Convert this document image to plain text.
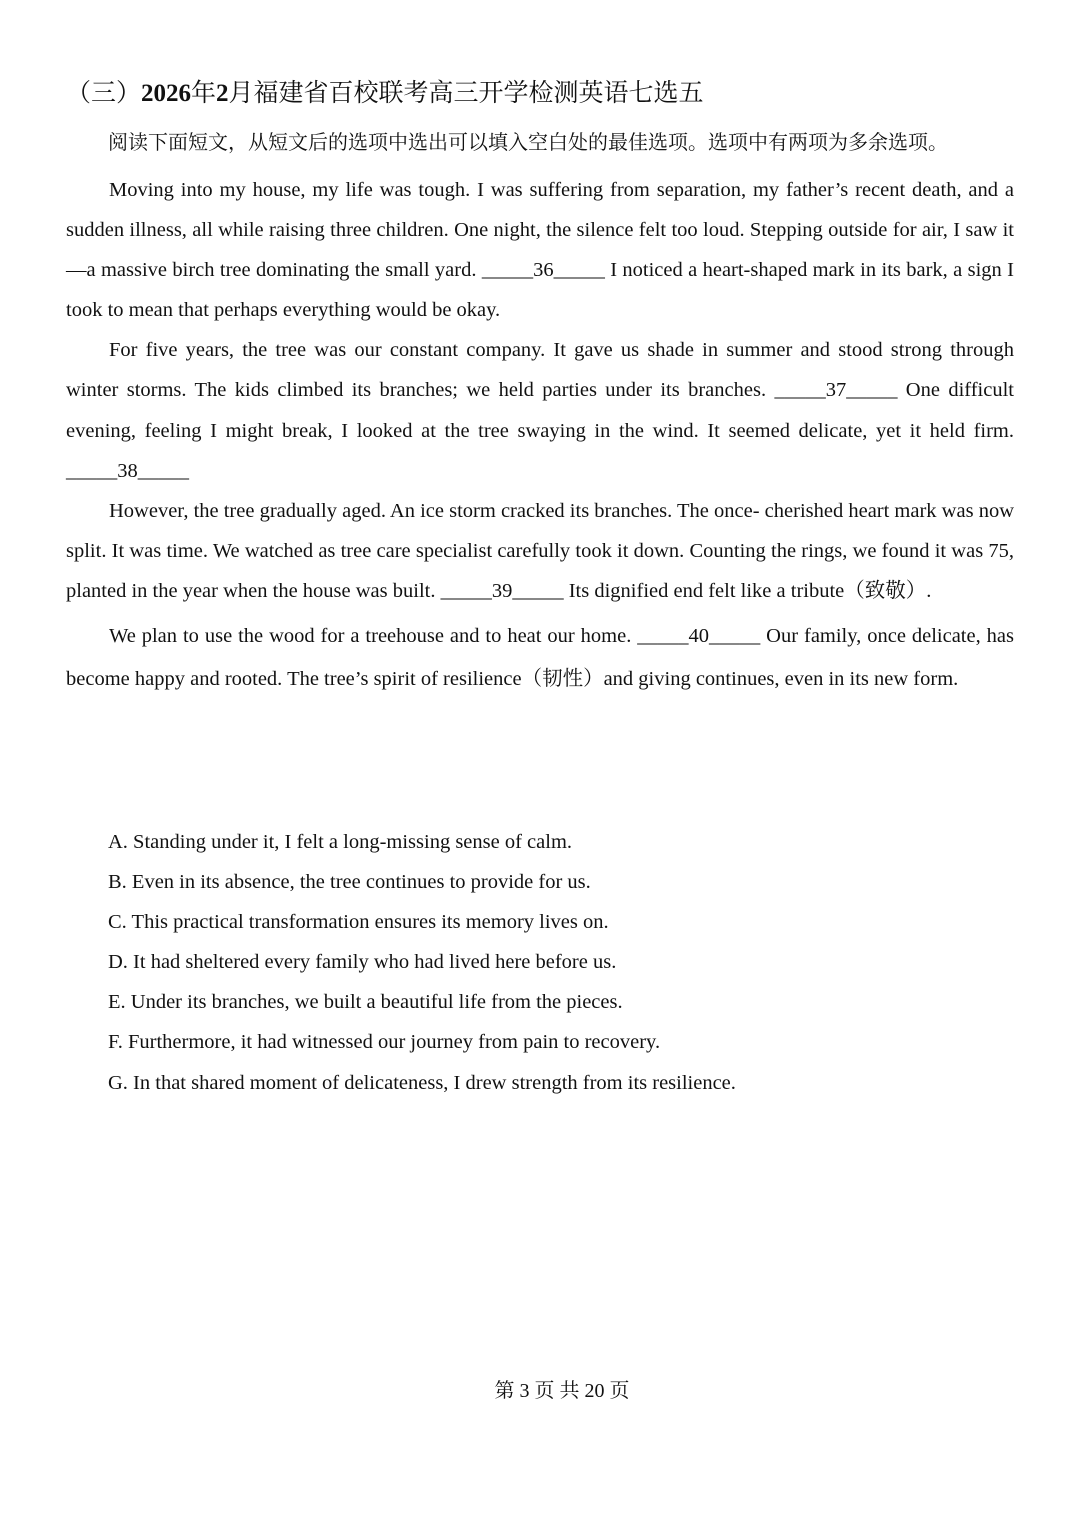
（三）2026年2月福建省百校联考高三开学检测英语七选五
阅读下面短文，从短文后的选项中选出可以填入空白处的最佳选项。选项中有两项为多余选项。

Moving into my house, my life was tough. I was suffering from separation, my father’s recent death, and a sudden illness, all while raising three children. One night, the silence felt too loud. Stepping outside for air, I saw it—a massive birch tree dominating the small yard. _____36_____ I noticed a heart-shaped mark in its bark, a sign I took to mean that perhaps everything would be okay.

For five years, the tree was our constant company. It gave us shade in summer and stood strong through winter storms. The kids climbed its branches; we held parties under its branches. _____37_____ One difficult evening, feeling I might break, I looked at the tree swaying in the wind. It seemed delicate, yet it held firm. _____38_____

However, the tree gradually aged. An ice storm cracked its branches. The once- cherished heart mark was now split. It was time. We watched as tree care specialist carefully took it down. Counting the rings, we found it was 75, planted in the year when the house was built. _____39_____ Its dignified end felt like a tribute（致敬）.

We plan to use the wood for a treehouse and to heat our home. _____40_____ Our family, once delicate, has become happy and rooted. The tree’s spirit of resilience（韧性）and giving continues, even in its new form.

A. Standing under it, I felt a long-missing sense of calm.
B. Even in its absence, the tree continues to provide for us.
C. This practical transformation ensures its memory lives on.
D. It had sheltered every family who had lived here before us.
E. Under its branches, we built a beautiful life from the pieces.
F. Furthermore, it had witnessed our journey from pain to recovery.
G. In that shared moment of delicateness, I drew strength from its resilience.
第 3 页 共 20 页
